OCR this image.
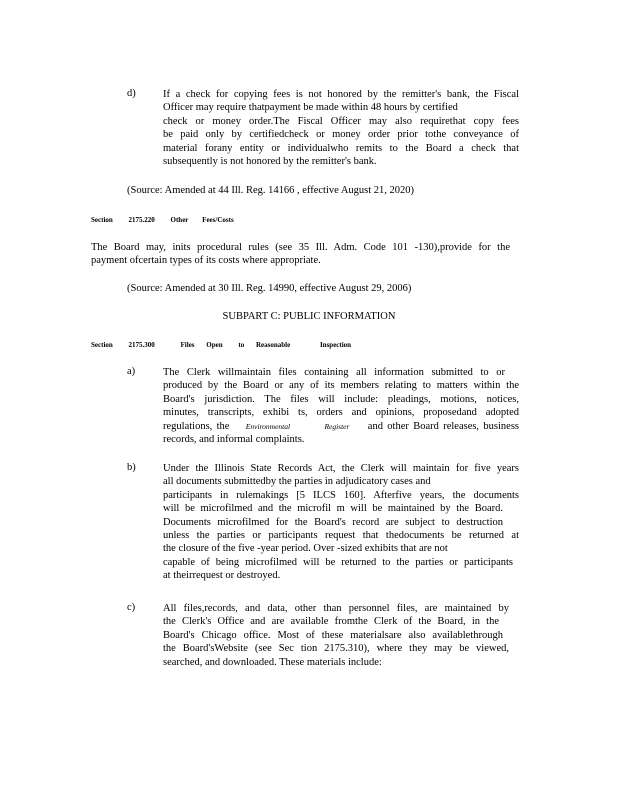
d)	If a check for copying fees is not honored by the remitter's bank, the Fiscal
Officer may require thatpayment be made within 48 hours by certified
check or money order.The Fiscal Officer may also requirethat copy fees
be paid only by certifiedcheck or money order prior tothe conveyance of
material forany entity or individualwho remits to the Board a check that
subsequently is not honored by the remitter's bank.
(Source: Amended at 44 Ill. Reg. 14166 , effective August 21, 2020)
Section 2175.220 Other Fees/Costs
The Board may, inits procedural rules (see 35 Ill. Adm. Code 101 -130),provide for the
payment ofcertain types of its costs where appropriate.
(Source: Amended at 30 Ill. Reg. 14990, effective August 29, 2006)
SUBPART C: PUBLIC INFORMATION
Section 2175.300	Files Open to Reasonable	Inspection
a)	The Clerk willmaintain files containing all information submitted to or
produced by the Board or any of its members relating to matters within the
Board's jurisdiction. The files will include: pleadings, motions, notices,
minutes, transcripts, exhibi ts, orders and opinions, proposedand adopted
regulations, the Environmental	Register and other Board releases, business
records, and informal complaints.
b)	Under the Illinois State Records Act, the Clerk will maintain for five years
all documents submittedby the parties in adjudicatory cases and
participants in rulemakings [5 ILCS 160]. Afterfive years, the documents
will be microfilmed and the microfil m will be maintained by the Board.
Documents microfilmed for the Board's record are subject to destruction
unless the parties or participants request that thedocuments be returned at
the closure of the five -year period. Over -sized exhibits that are not
capable of being microfilmed will be returned to the parties or participants
at theirrequest or destroyed.
c)	All files,records, and data, other than personnel files, are maintained by
the Clerk's Office and are available fromthe Clerk of the Board, in the
Board's Chicago office. Most of these materialsare also availablethrough
the Board'sWebsite (see Sec tion 2175.310), where they may be viewed,
searched, and downloaded. These materials include:
